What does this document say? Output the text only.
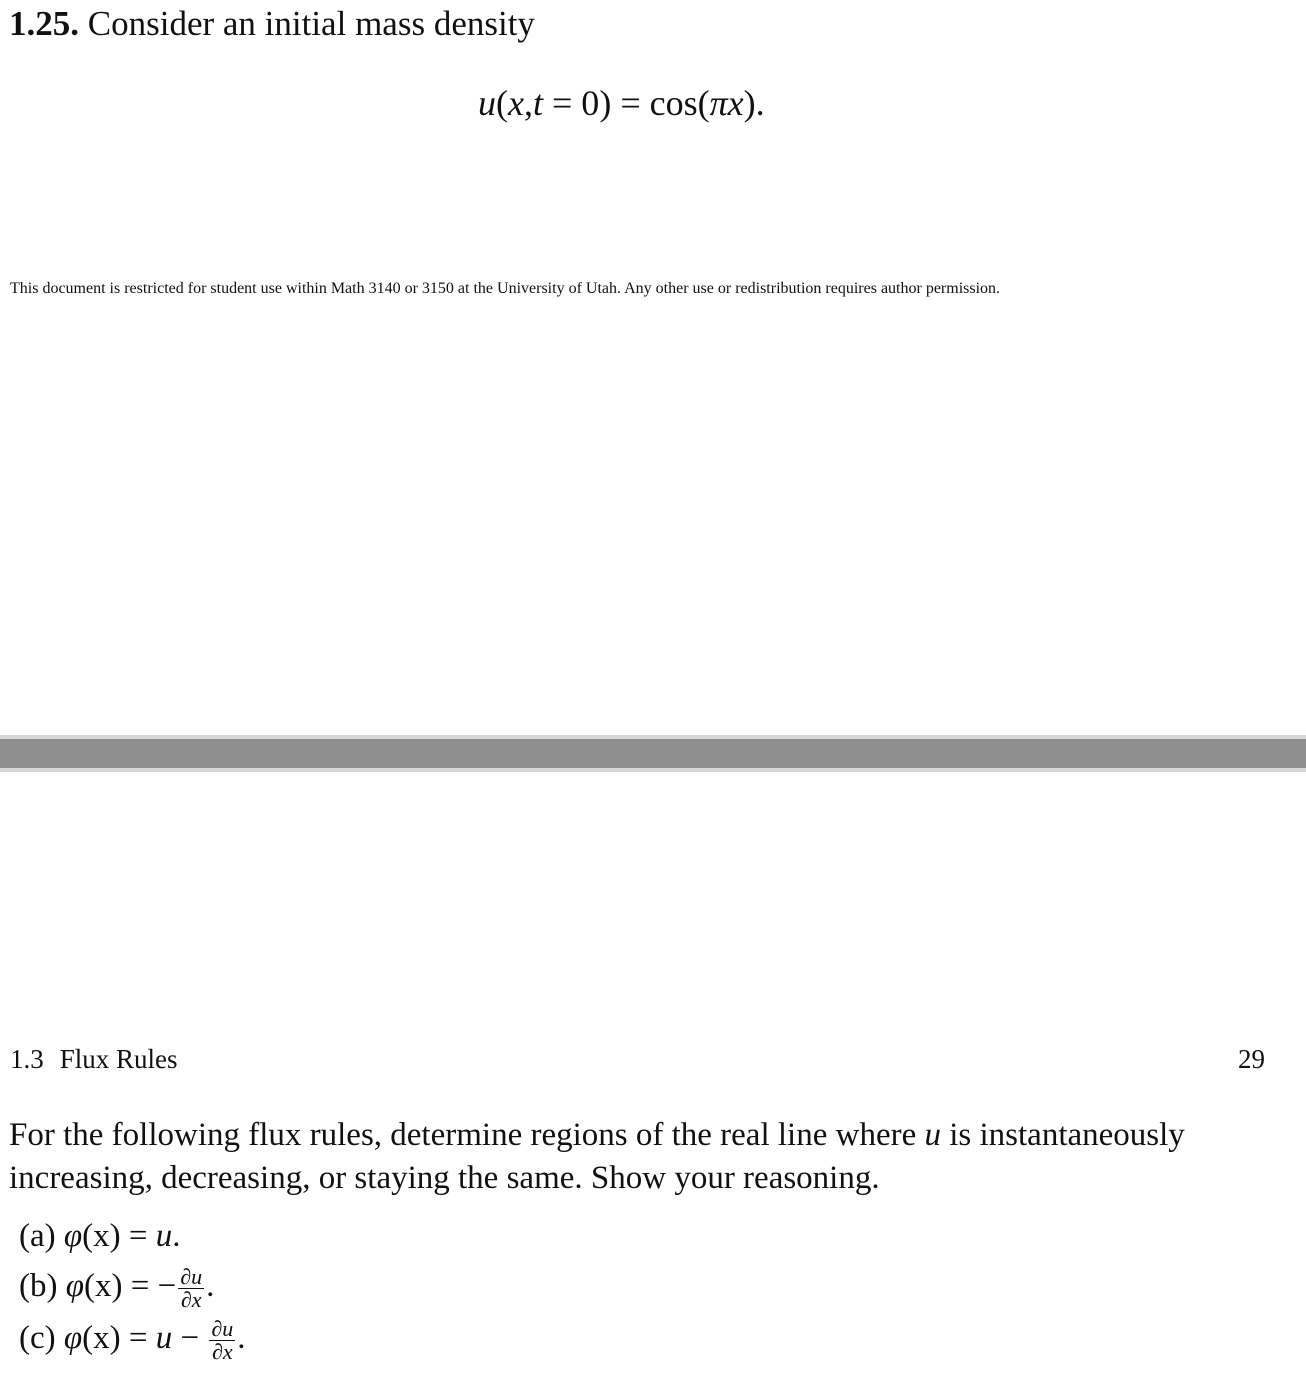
1.25. Consider an initial mass density
u(x,t = 0) = cos(πx).
This document is restricted for student use within Math 3140 or 3150 at the University of Utah. Any other use or redistribution requires author permission.
1.3 Flux Rules	29
For the following flux rules, determine regions of the real line where u is instantaneously increasing, decreasing, or staying the same. Show your reasoning.
(a) φ(x) = u.
(b) φ(x) = − $\frac{\partial u}{\partial x}$ .
(c) $\varphi(x) = u - \frac{\partial u}{\partial x}$ .
